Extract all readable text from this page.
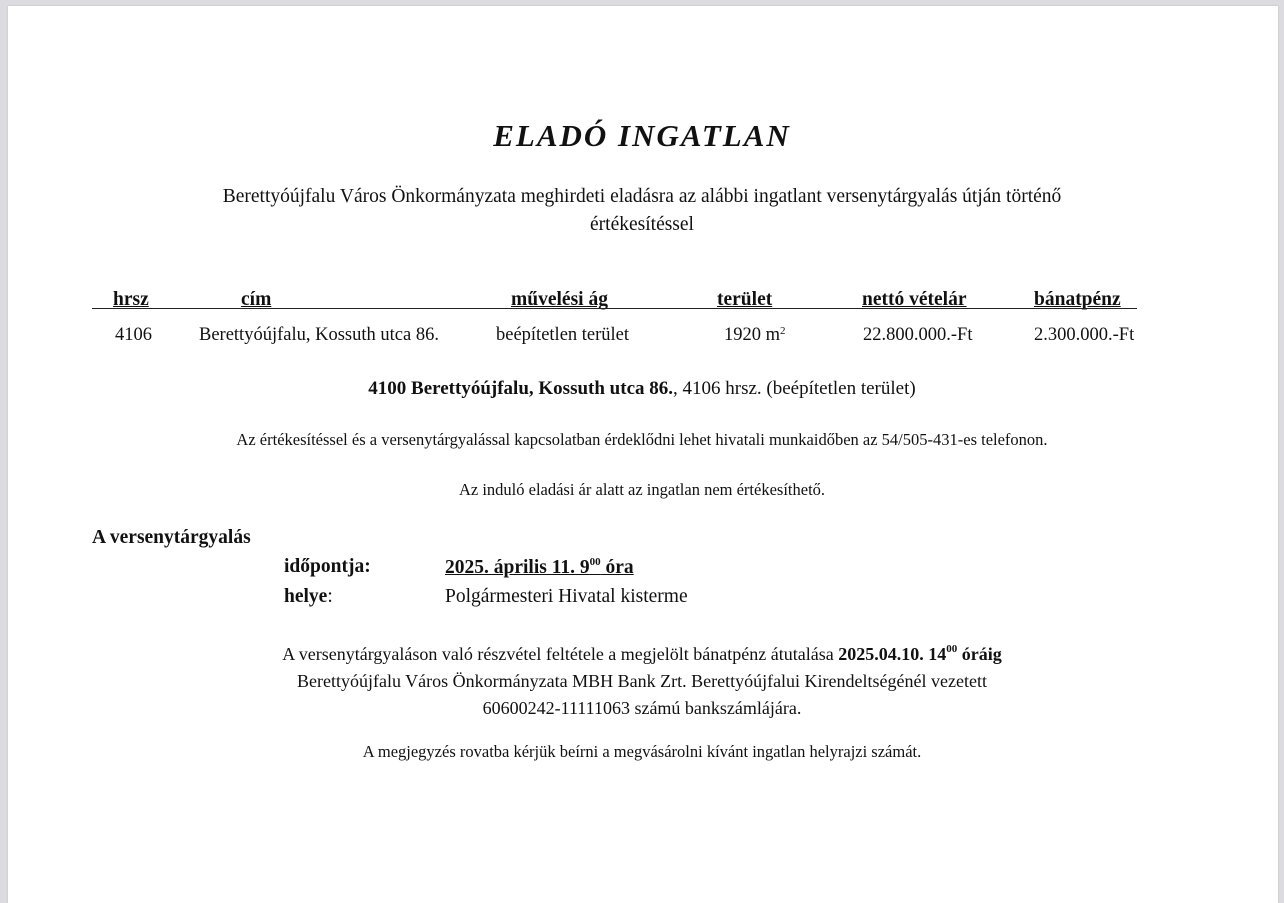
ELADÓ INGATLAN
Berettyóújfalu Város Önkormányzata meghirdeti eladásra az alábbi ingatlant versenytárgyalás útján történő
értékesítéssel
hrsz	cím	művelési ág	terület	nettó vételár	bánatpénz
4106	Berettyóújfalu, Kossuth utca 86.	beépítetlen terület	1920 $m^2$	22.800.000.-Ft	2.300.000.-Ft
4100 Berettyóújfalu, Kossuth utca 86., 4106 hrsz. (beépítetlen terület)
Az értékesítéssel és a versenytárgyalással kapcsolatban érdeklődni lehet hivatali munkaidőben az 54/505-431-es telefonon.
Az induló eladási ár alatt az ingatlan nem értékesíthető.
A versenytárgyalás
időpontja:	2025. április 11. $9^{00}$ óra
helye:	Polgármesteri Hivatal kisterme
A versenytárgyaláson való részvétel feltétele a megjelölt bánatpénz átutalása 2025.04.10. $14^{00}$ óráig
Berettyóújfalu Város Önkormányzata MBH Bank Zrt. Berettyóújfalui Kirendeltségénél vezetett
60600242-11111063 számú bankszámlájára.
A megjegyzés rovatba kérjük beírni a megvásárolni kívánt ingatlan helyrajzi számát.
